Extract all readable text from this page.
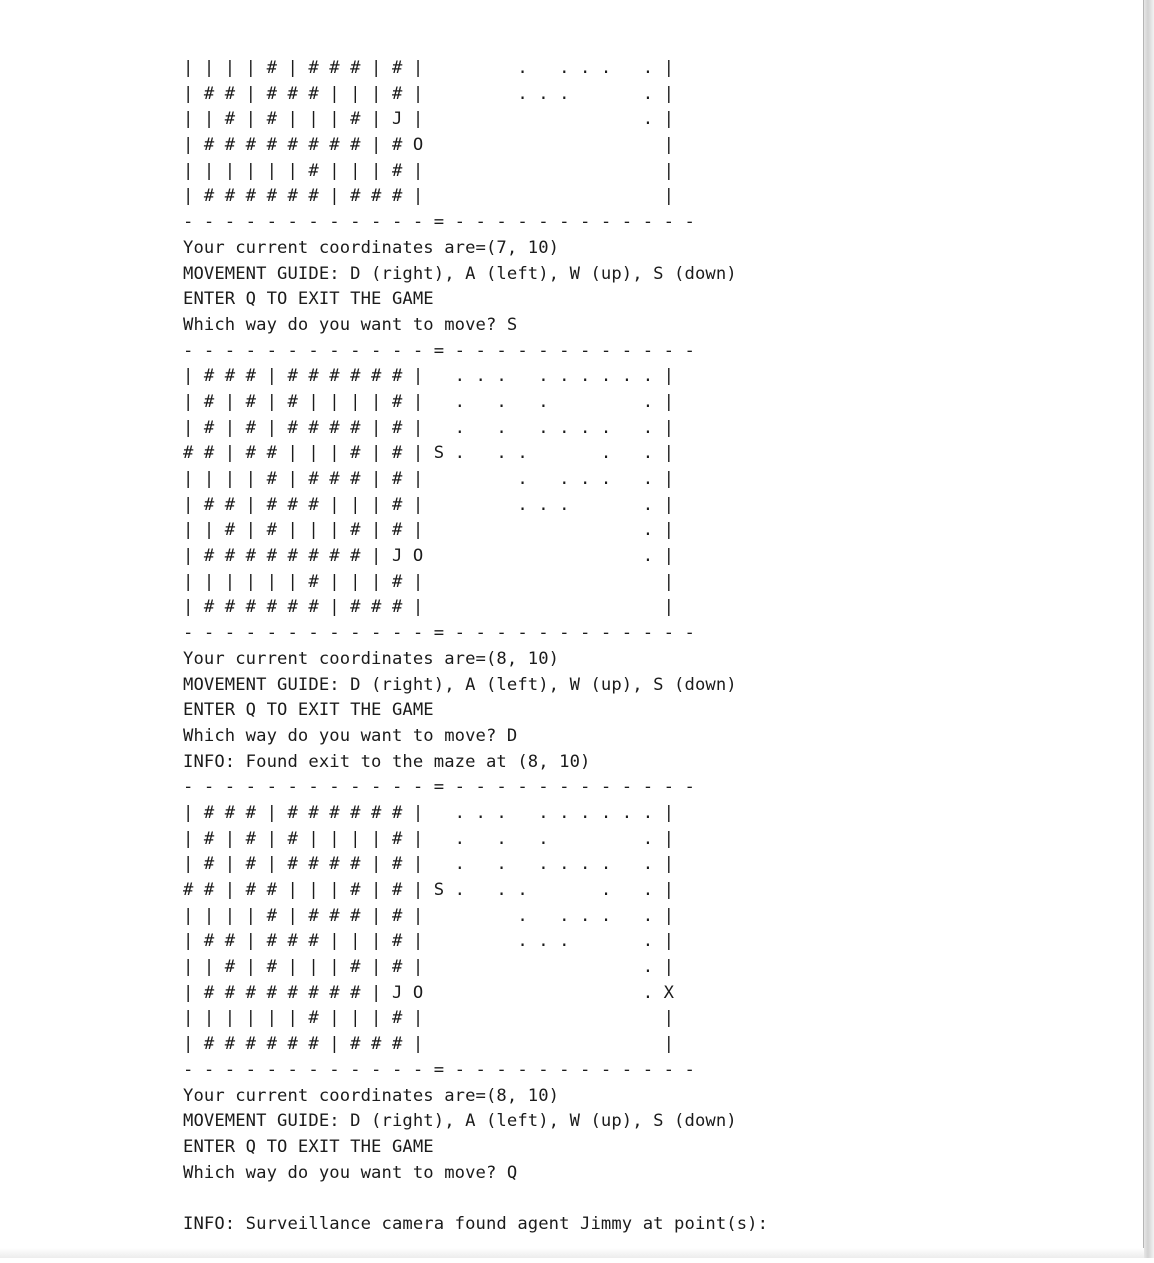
| | | | # | # # # | # |         .   . . .   . |
| # # | # # # | | | # |         . . .       . |
| | # | # | | | # | J |                     . |
| # # # # # # # # | # O                       |
| | | | | | # | | | # |                       |
| # # # # # # | # # # |                       |
- - - - - - - - - - - - = - - - - - - - - - - - -
Your current coordinates are=(7, 10)
MOVEMENT GUIDE: D (right), A (left), W (up), S (down)
ENTER Q TO EXIT THE GAME
Which way do you want to move? S
- - - - - - - - - - - - = - - - - - - - - - - - -
| # # # | # # # # # # |   . . .   . . . . . . |
| # | # | # | | | | # |   .   .   .         . |
| # | # | # # # # | # |   .   .   . . . .   . |
# # | # # | | | # | # | S .   . .       .   . |
| | | | # | # # # | # |         .   . . .   . |
| # # | # # # | | | # |         . . .       . |
| | # | # | | | # | # |                     . |
| # # # # # # # # | J O                     . |
| | | | | | # | | | # |                       |
| # # # # # # | # # # |                       |
- - - - - - - - - - - - = - - - - - - - - - - - -
Your current coordinates are=(8, 10)
MOVEMENT GUIDE: D (right), A (left), W (up), S (down)
ENTER Q TO EXIT THE GAME
Which way do you want to move? D
INFO: Found exit to the maze at (8, 10)
- - - - - - - - - - - - = - - - - - - - - - - - -
| # # # | # # # # # # |   . . .   . . . . . . |
| # | # | # | | | | # |   .   .   .         . |
| # | # | # # # # | # |   .   .   . . . .   . |
# # | # # | | | # | # | S .   . .       .   . |
| | | | # | # # # | # |         .   . . .   . |
| # # | # # # | | | # |         . . .       . |
| | # | # | | | # | # |                     . |
| # # # # # # # # | J O                     . X
| | | | | | # | | | # |                       |
| # # # # # # | # # # |                       |
- - - - - - - - - - - - = - - - - - - - - - - - -
Your current coordinates are=(8, 10)
MOVEMENT GUIDE: D (right), A (left), W (up), S (down)
ENTER Q TO EXIT THE GAME
Which way do you want to move? Q
INFO: Surveillance camera found agent Jimmy at point(s):
